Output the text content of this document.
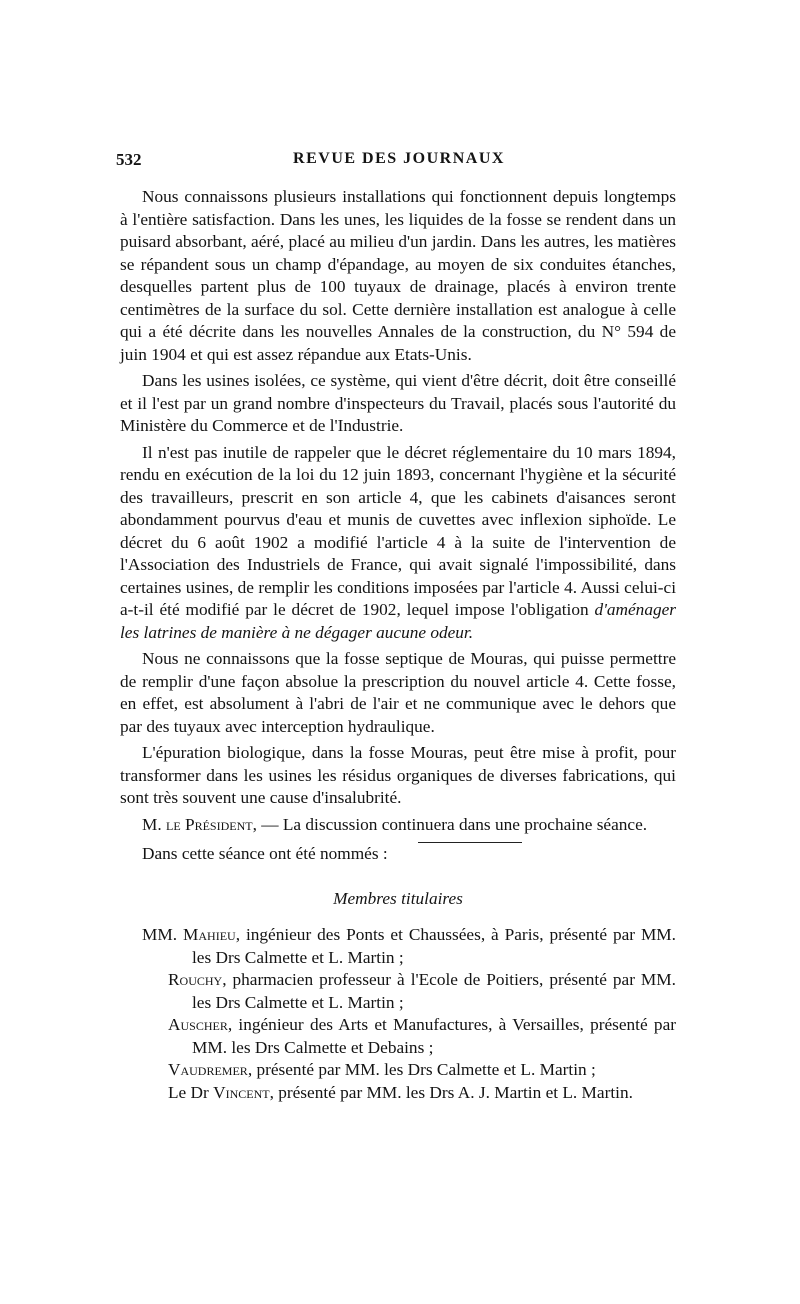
532	REVUE DES JOURNAUX

Nous connaissons plusieurs installations qui fonctionnent depuis longtemps à l'entière satisfaction. Dans les unes, les liquides de la fosse se rendent dans un puisard absorbant, aéré, placé au milieu d'un jardin. Dans les autres, les matières se répandent sous un champ d'épandage, au moyen de six conduites étanches, desquelles partent plus de 100 tuyaux de drainage, placés à environ trente centimètres de la surface du sol. Cette dernière installation est analogue à celle qui a été décrite dans les nouvelles Annales de la construction, du N° 594 de juin 1904 et qui est assez répandue aux Etats-Unis.

Dans les usines isolées, ce système, qui vient d'être décrit, doit être conseillé et il l'est par un grand nombre d'inspecteurs du Travail, placés sous l'autorité du Ministère du Commerce et de l'Industrie.

Il n'est pas inutile de rappeler que le décret réglementaire du 10 mars 1894, rendu en exécution de la loi du 12 juin 1893, concernant l'hygiène et la sécurité des travailleurs, prescrit en son article 4, que les cabinets d'aisances seront abondamment pourvus d'eau et munis de cuvettes avec inflexion siphoïde. Le décret du 6 août 1902 a modifié l'article 4 à la suite de l'intervention de l'Association des Industriels de France, qui avait signalé l'impossibilité, dans certaines usines, de remplir les conditions imposées par l'article 4. Aussi celui-ci a-t-il été modifié par le décret de 1902, lequel impose l'obligation d'aménager les latrines de manière à ne dégager aucune odeur.

Nous ne connaissons que la fosse septique de Mouras, qui puisse permettre de remplir d'une façon absolue la prescription du nouvel article 4. Cette fosse, en effet, est absolument à l'abri de l'air et ne communique avec le dehors que par des tuyaux avec interception hydraulique.

L'épuration biologique, dans la fosse Mouras, peut être mise à profit, pour transformer dans les usines les résidus organiques de diverses fabrications, qui sont très souvent une cause d'insalubrité.

M. le Président, — La discussion continuera dans une prochaine séance.

Dans cette séance ont été nommés :

Membres titulaires
MM. Mahieu, ingénieur des Ponts et Chaussées, à Paris, présenté par MM. les Drs Calmette et L. Martin ;
Rouchy, pharmacien professeur à l'Ecole de Poitiers, présenté par MM. les Drs Calmette et L. Martin ;
Auscher, ingénieur des Arts et Manufactures, à Versailles, présenté par MM. les Drs Calmette et Debains ;
Vaudremer, présenté par MM. les Drs Calmette et L. Martin ;
Le Dr Vincent, présenté par MM. les Drs A. J. Martin et L. Martin.
